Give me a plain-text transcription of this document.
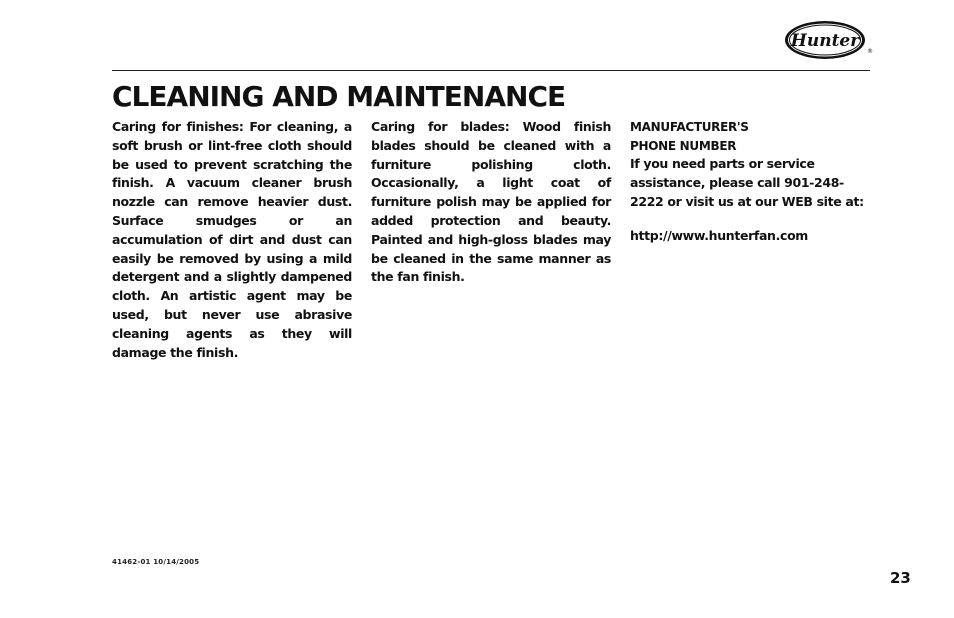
Hunter
®
CLEANING AND MAINTENANCE

Caring for finishes: For cleaning, a soft brush or lint-free cloth should be used to prevent scratching the finish. A vacuum cleaner brush nozzle can remove heavier dust. Surface smudges or an accumulation of dirt and dust can easily be removed by using a mild detergent and a slightly dampened cloth. An artistic agent may be used, but never use abrasive cleaning agents as they will damage the finish.

Caring for blades: Wood finish blades should be cleaned with a furniture polishing cloth. Occasionally, a light coat of furniture polish may be applied for added protection and beauty. Painted and high-gloss blades may be cleaned in the same manner as the fan finish.

MANUFACTURER'S
PHONE NUMBER

If you need parts or service assistance, please call 901-248-2222 or visit us at our WEB site at:

http://www.hunterfan.com

41462-01 10/14/2005
23
